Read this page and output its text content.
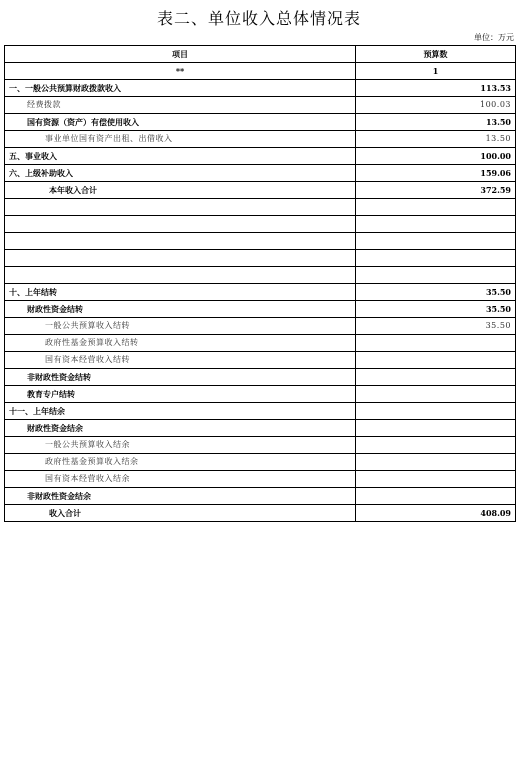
表二、单位收入总体情况表
单位：万元
项目	预算数
**	1
一、一般公共预算财政拨款收入	113.53
经费拨款	100.03
国有资源（资产）有偿使用收入	13.50
事业单位国有资产出租、出借收入	13.50
五、事业收入	100.00
六、上级补助收入	159.06
本年收入合计	372.59

十、上年结转	35.50
财政性资金结转	35.50
一般公共预算收入结转	35.50
政府性基金预算收入结转	
国有资本经营收入结转	
非财政性资金结转	
教育专户结转	
十一、上年结余	
财政性资金结余	
一般公共预算收入结余	
政府性基金预算收入结余	
国有资本经营收入结余	
非财政性资金结余	
收入合计	408.09
